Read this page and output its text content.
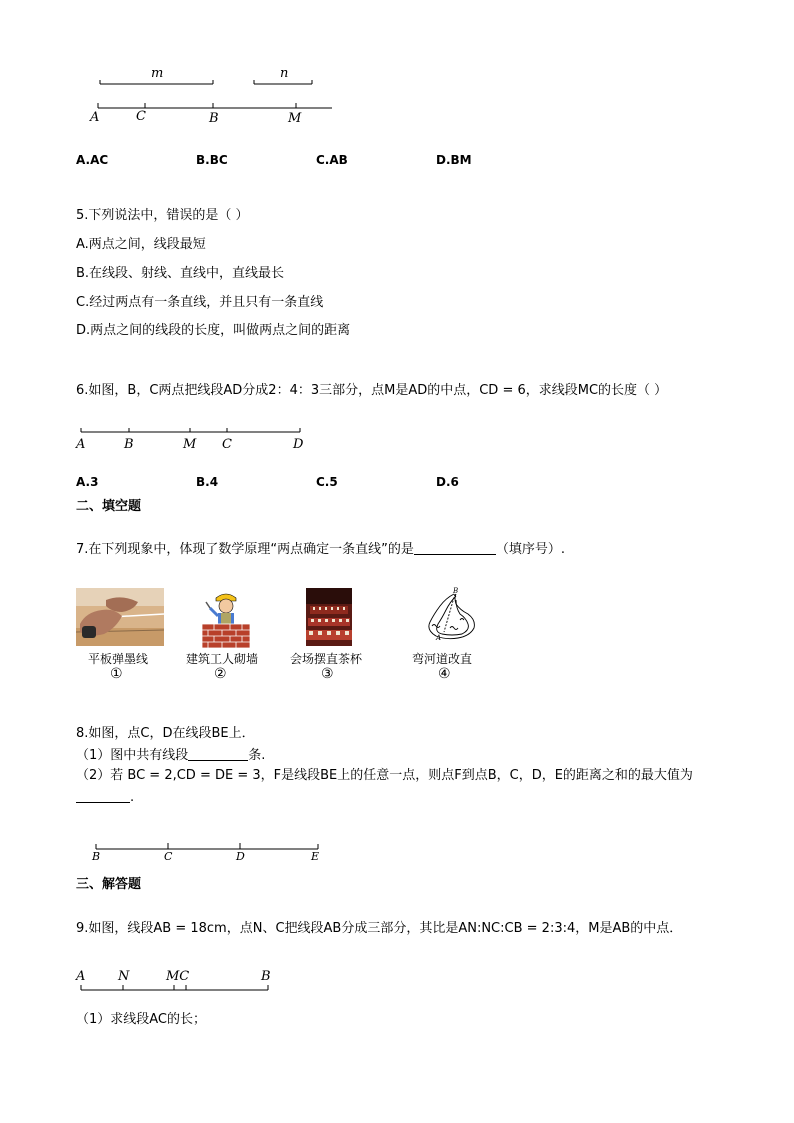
m	n
A	C	B	M
A.AC	B.BC	C.AB	D.BM
5.下列说法中，错误的是（ ）
A.两点之间，线段最短
B.在线段、射线、直线中，直线最长
C.经过两点有一条直线，并且只有一条直线
D.两点之间的线段的长度，叫做两点之间的距离
6.如图，B，C两点把线段AD分成2：4：3三部分，点M是AD的中点，CD = 6，求线段MC的长度（ ）
A	B	M C	D
A.3	B.4	C.5	D.6
二、填空题
7.在下列现象中，体现了数学原理“两点确定一条直线”的是	（填序号）.
平板弹墨线
①
建筑工人砌墙
②
会场摆直茶杯
③
B
A
弯河道改直
④
8.如图，点C，D在线段BE上．
（1）图中共有线段	条.
（2）若 BC = 2,CD = DE = 3，F是线段BE上的任意一点，则点F到点B，C，D，E的距离之和的最大值为
.
B	C	D	E
三、解答题
9.如图，线段AB = 18cm，点N、C把线段AB分成三部分，其比是AN:NC:CB = 2:3:4，M是AB的中点．
A	N	MC	B
（1）求线段AC的长；
